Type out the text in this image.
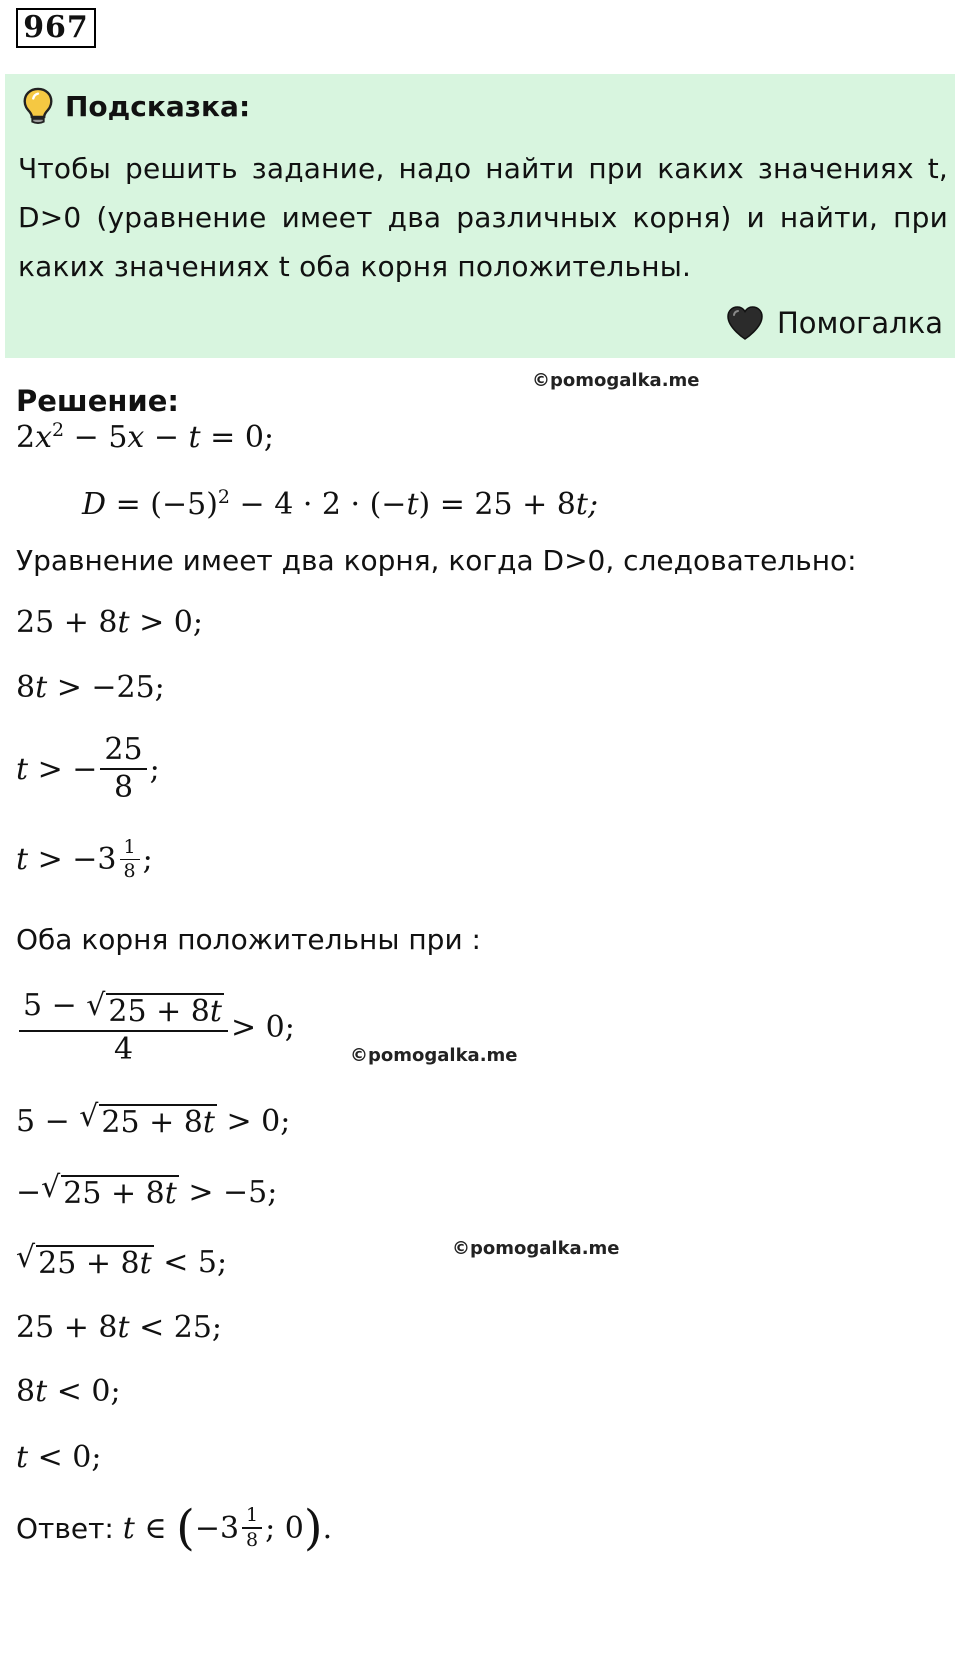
967
Подсказка:
Чтобы решить задание, надо найти при каких значениях t, D>0 (уравнение имеет два различных корня) и найти, при каких значениях t оба корня положительны.
Помогалка
Решение:
©pomogalka.me
$2x^2 - 5x - t = 0$;
$D = (-5)^2 - 4 \cdot 2 \cdot (-t) = 25 + 8t$;
Уравнение имеет два корня, когда D>0, следовательно:
25 + 8t > 0;
8t > −25;
t > − $\frac{25}{8}$ ;
$t > -3 \frac{1}{8}$ ;
Оба корня положительны при :
$\frac{5 - √ 25 + 8t}{4} > 0$;
©pomogalka.me
5 − √ 25 + 8t > 0;
− √ 25 + 8t > −5;
√ 25 + 8t < 5;	©pomogalka.me
25 + 8t < 25;
8t < 0;
t < 0;
Ответ: t ∈ ( $-3 \frac{1}{8}$ ; 0 ) .
